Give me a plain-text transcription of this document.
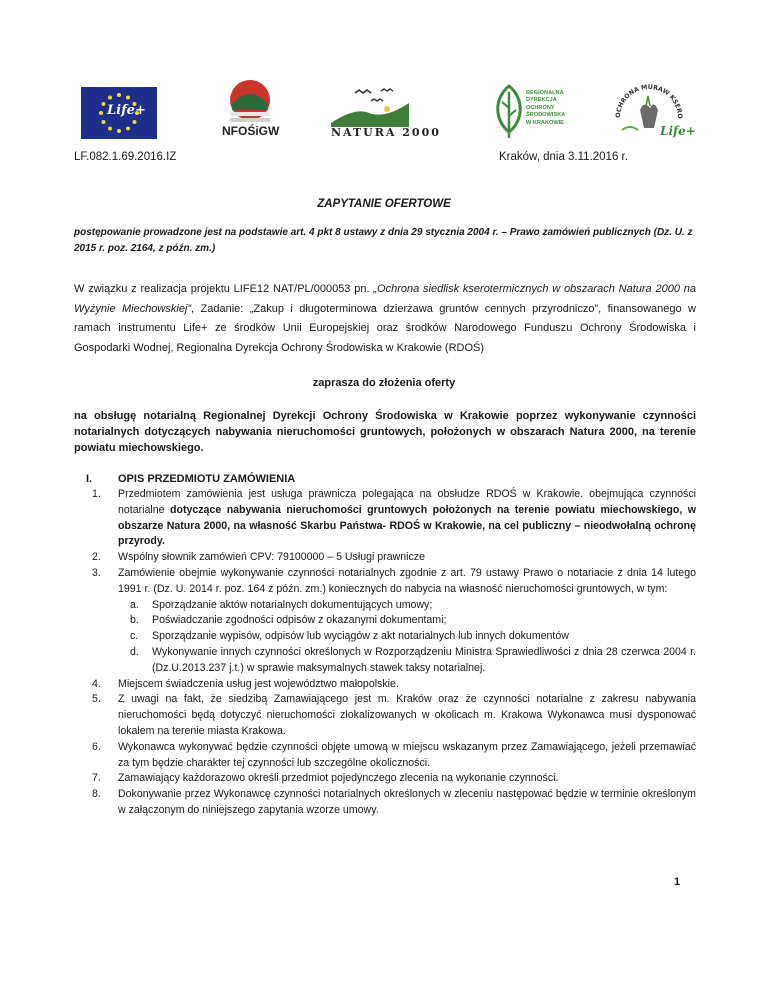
Life+
NFOŚiGW	NATURA 2000
REGIONALNA
DYREKCJA
OCHRONY
ŚRODOWISKA
W KRAKOWIE
OCHRONA MURAW KSERO
Life+
LF.082.1.69.2016.IZ	Kraków, dnia 3.11.2016 r.
ZAPYTANIE OFERTOWE
postępowanie prowadzone jest na podstawie art. 4 pkt 8 ustawy z dnia 29 stycznia 2004 r. – Prawo zamówień publicznych (Dz. U. z 2015 r. poz. 2164, z późn. zm.)
W związku z realizacja projektu LIFE12 NAT/PL/000053 pn. „Ochrona siedlisk kserotermicznych w obszarach Natura 2000 na Wyżynie Miechowskiej”, Zadanie: „Zakup i długoterminowa dzierżawa gruntów cennych przyrodniczo”, finansowanego w ramach instrumentu Life+ ze środków Unii Europejskiej oraz środków Narodowego Funduszu Ochrony Środowiska i Gospodarki Wodnej, Regionalna Dyrekcja Ochrony Środowiska w Krakowie (RDOŚ)
zaprasza do złożenia oferty
na obsługę notarialną Regionalnej Dyrekcji Ochrony Środowiska w Krakowie poprzez wykonywanie czynności notarialnych dotyczących nabywania nieruchomości gruntowych, położonych w obszarach Natura 2000, na terenie powiatu miechowskiego.
I. OPIS PRZEDMIOTU ZAMÓWIENIA
1. Przedmiotem zamówienia jest usługa prawnicza polegająca na obsłudze RDOŚ w Krakowie. obejmująca czynności notarialne dotyczące nabywania nieruchomości gruntowych położonych na terenie powiatu miechowskiego, w obszarze Natura 2000, na własność Skarbu Państwa- RDOŚ w Krakowie, na cel publiczny – nieodwołalną ochronę przyrody.
2. Wspólny słownik zamówień CPV: 79100000 – 5 Usługi prawnicze
3. Zamówienie obejmie wykonywanie czynności notarialnych zgodnie z art. 79 ustawy Prawo o notariacie z dnia 14 lutego 1991 r. (Dz. U. 2014 r. poz. 164 z późn. zm.) koniecznych do nabycia na własność nieruchomości gruntowych, w tym:
a. Sporządzanie aktów notarialnych dokumentujących umowy;
b. Poświadczanie zgodności odpisów z okazanymi dokumentami;
c. Sporządzanie wypisów, odpisów lub wyciągów z akt notarialnych lub innych dokumentów
d. Wykonywanie innych czynności określonych w Rozporządzeniu Ministra Sprawiedliwości z dnia 28 czerwca 2004 r. (Dz.U.2013.237 j.t.) w sprawie maksymalnych stawek taksy notarialnej.
4. Miejscem świadczenia usług jest województwo małopolskie.
5. Z uwagi na fakt, że siedzibą Zamawiającego jest m. Kraków oraz że czynności notarialne z zakresu nabywania nieruchomości będą dotyczyć nieruchomości zlokalizowanych w okolicach m. Krakowa Wykonawca musi dysponować lokalem na terenie miasta Krakowa.
6. Wykonawca wykonywać będzie czynności objęte umową w miejscu wskazanym przez Zamawiającego, jeżeli przemawiać za tym będzie charakter tej czynności lub szczególne okoliczności.
7. Zamawiający każdorazowo określi przedmiot pojedynczego zlecenia na wykonanie czynności.
8. Dokonywanie przez Wykonawcę czynności notarialnych określonych w zleceniu następować będzie w terminie określonym w załączonym do niniejszego zapytania wzorze umowy.
1
